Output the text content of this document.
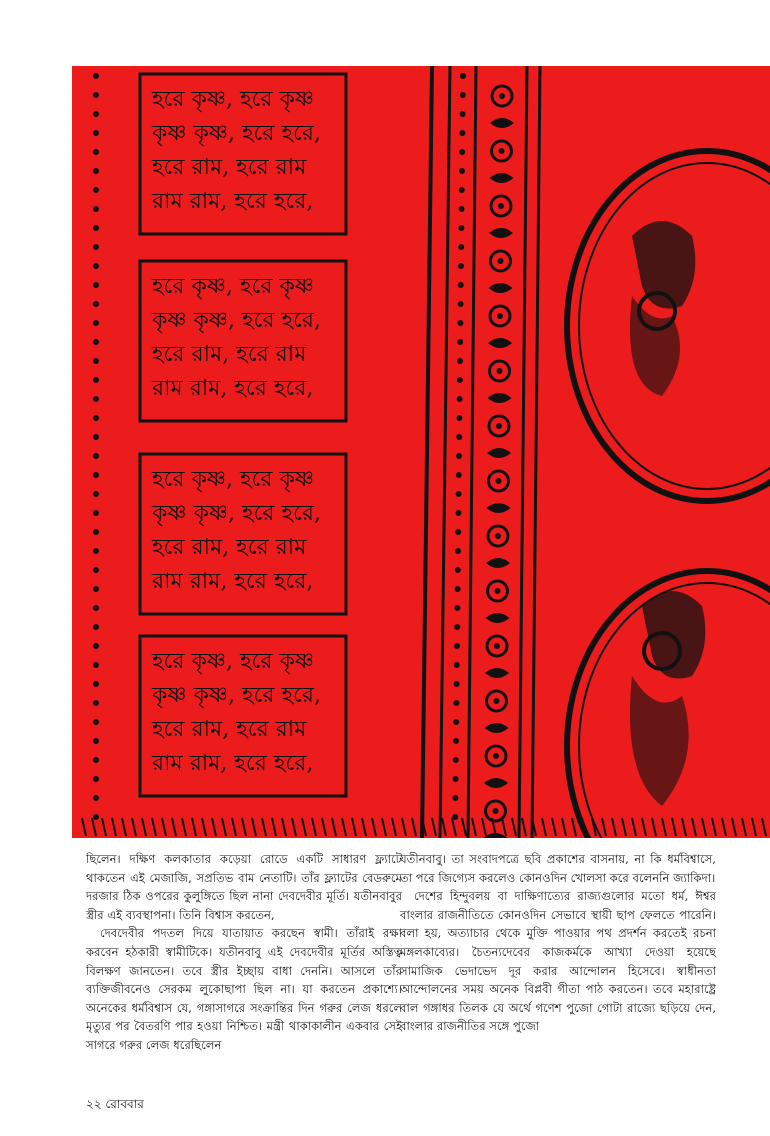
হরে কৃষ্ণ, হরে কৃষ্ণ
কৃষ্ণ কৃষ্ণ, হরে হরে,
হরে রাম, হরে রাম
রাম রাম, হরে হরে,
হরে কৃষ্ণ, হরে কৃষ্ণ
কৃষ্ণ কৃষ্ণ, হরে হরে,
হরে রাম, হরে রাম
রাম রাম, হরে হরে,
হরে কৃষ্ণ, হরে কৃষ্ণ
কৃষ্ণ কৃষ্ণ, হরে হরে,
হরে রাম, হরে রাম
রাম রাম, হরে হরে,
হরে কৃষ্ণ, হরে কৃষ্ণ
কৃষ্ণ কৃষ্ণ, হরে হরে,
হরে রাম, হরে রাম
রাম রাম, হরে হরে,

ছিলেন। দক্ষিণ কলকাতার কড়েয়া রোডে একটি সাধারণ ফ্ল্যাটে থাকতেন এই মেজাজি, সপ্রতিভ বাম নেতাটি। তাঁর ফ্ল্যাটের বেডরুমে দরজার ঠিক ওপরের কুলুঙ্গিতে ছিল নানা দেবদেবীর মূর্তি। যতীনবাবুর স্ত্রীর এই ব্যবস্থাপনা। তিনি বিশ্বাস করতেন,

দেবদেবীর পদতল দিয়ে যাতায়াত করছেন স্বামী। তাঁরাই রক্ষা করবেন হঠকারী স্বামীটিকে। যতীনবাবু এই দেবদেবীর মূর্তির অস্তিত্ব বিলক্ষণ জানতেন। তবে স্ত্রীর ইচ্ছায় বাধা দেননি। আসলে তাঁর ব্যক্তিজীবনেও সেরকম লুকোছাপা ছিল না। যা করতেন প্রকাশ্যে। অনেকের ধর্মবিশ্বাস যে, গঙ্গাসাগরে সংক্রান্তির দিন গরুর লেজ ধরলে মৃত্যুর পর বৈতরণি পার হওয়া নিশ্চিত। মন্ত্রী থাকাকালীন একবার সেই সাগরে গরুর লেজ ধরেছিলেন

যতীনবাবু। তা সংবাদপত্রে ছবি প্রকাশের বাসনায়, না কি ধর্মবিশ্বাসে, তা পরে জিগ্যেস করলেও কোনওদিন খোলসা করে বলেননি জ্যাকিদা।

দেশের হিন্দুবলয় বা দাক্ষিণাত্যের রাজ্যগুলোর মতো ধর্ম, ঈশ্বর বাংলার রাজনীতিতে কোনওদিন সেভাবে স্থায়ী ছাপ ফেলতে পারেনি। বলা হয়, অত্যাচার থেকে মুক্তি পাওয়ার পথ প্রদর্শন করতেই রচনা মঙ্গলকাব্যের। চৈতন্যদেবের কাজকর্মকে আখ্যা দেওয়া হয়েছে সামাজিক ভেদাভেদ দূর করার আন্দোলন হিসেবে। স্বাধীনতা আন্দোলনের সময় অনেক বিপ্লবী গীতা পাঠ করতেন। তবে মহারাষ্ট্রে বাল গঙ্গাধর তিলক যে অর্থে গণেশ পুজো গোটা রাজ্যে ছড়িয়ে দেন, বাংলার রাজনীতির সঙ্গে পুজো

২২ রোববার
